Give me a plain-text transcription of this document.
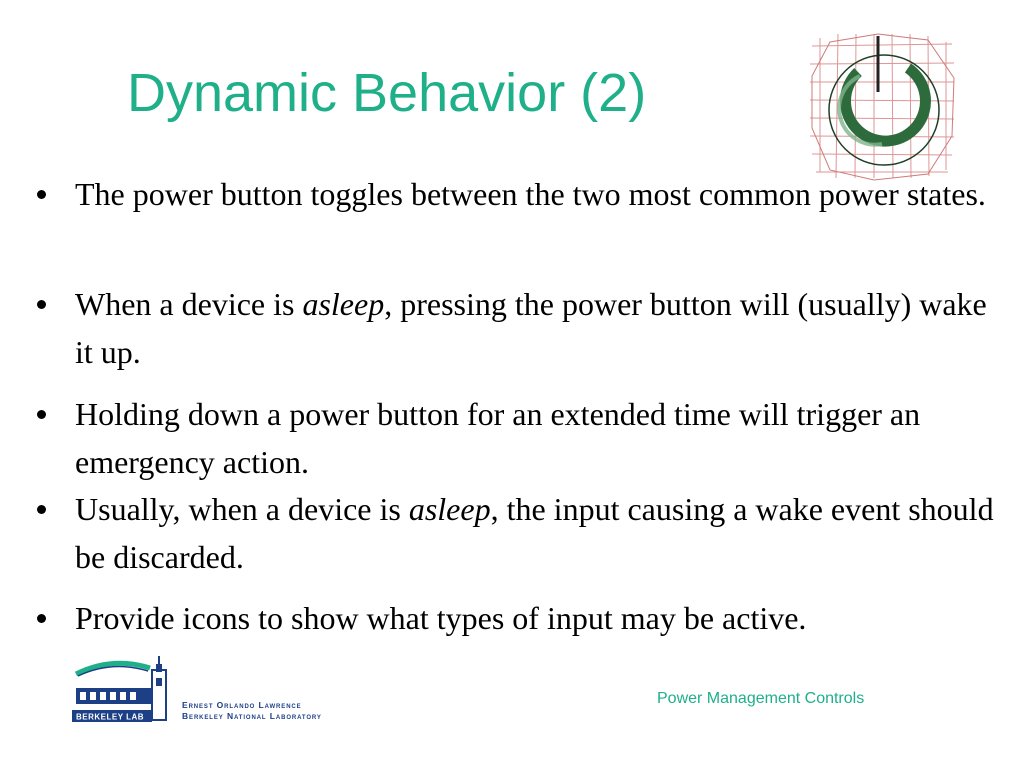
Dynamic Behavior (2)
The power button toggles between the two most common power states.
When a device is asleep, pressing the power button will (usually) wake it up.
Holding down a power button for an extended time will trigger an emergency action.
Usually, when a device is asleep, the input causing a wake event should be discarded.
Provide icons to show what types of input may be active.
BERKELEY LAB
Ernest Orlando Lawrence
Berkeley National Laboratory
Power Management Controls
